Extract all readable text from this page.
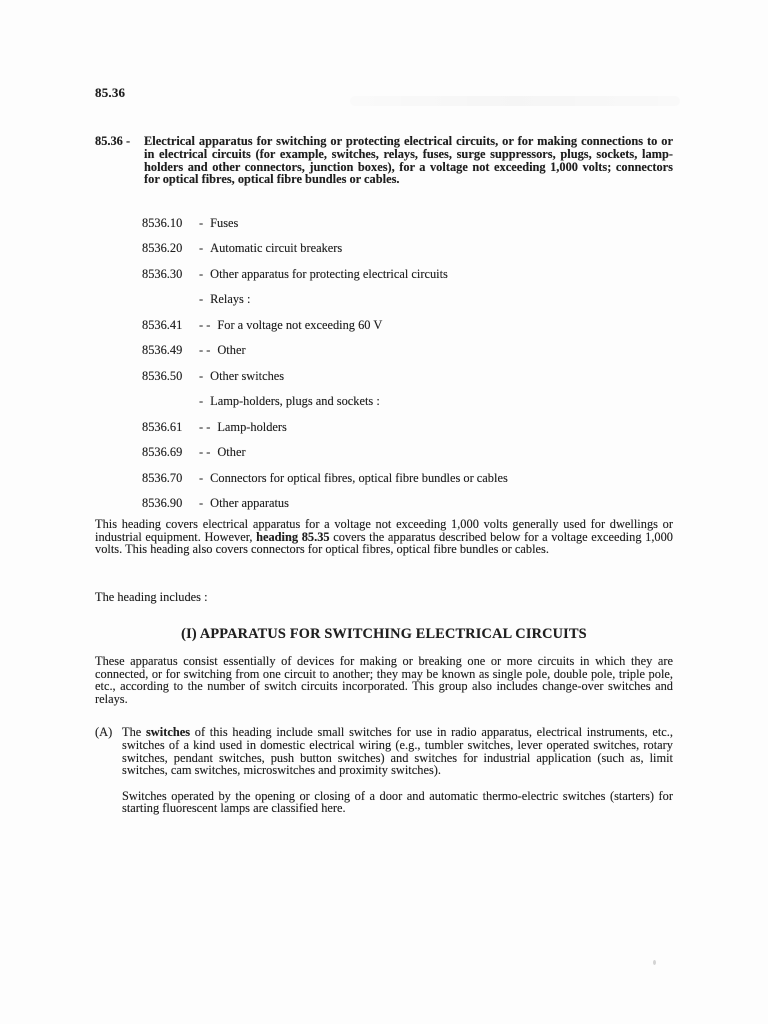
85.36
85.36 - Electrical apparatus for switching or protecting electrical circuits, or for making connections to or in electrical circuits (for example, switches, relays, fuses, surge suppressors, plugs, sockets, lamp-holders and other connectors, junction boxes), for a voltage not exceeding 1,000 volts; connectors for optical fibres, optical fibre bundles or cables.
8536.10	- Fuses
8536.20	- Automatic circuit breakers
8536.30	- Other apparatus for protecting electrical circuits
- Relays :
8536.41	- - For a voltage not exceeding 60 V
8536.49	- - Other
8536.50	- Other switches
- Lamp-holders, plugs and sockets :
8536.61	- - Lamp-holders
8536.69	- - Other
8536.70	- Connectors for optical fibres, optical fibre bundles or cables
8536.90	- Other apparatus

This heading covers electrical apparatus for a voltage not exceeding 1,000 volts generally used for dwellings or industrial equipment. However, heading 85.35 covers the apparatus described below for a voltage exceeding 1,000 volts. This heading also covers connectors for optical fibres, optical fibre bundles or cables.

The heading includes :

(I) APPARATUS FOR SWITCHING ELECTRICAL CIRCUITS

These apparatus consist essentially of devices for making or breaking one or more circuits in which they are connected, or for switching from one circuit to another; they may be known as single pole, double pole, triple pole, etc., according to the number of switch circuits incorporated. This group also includes change-over switches and relays.

(A) The switches of this heading include small switches for use in radio apparatus, electrical instruments, etc., switches of a kind used in domestic electrical wiring (e.g., tumbler switches, lever operated switches, rotary switches, pendant switches, push button switches) and switches for industrial application (such as, limit switches, cam switches, microswitches and proximity switches).

Switches operated by the opening or closing of a door and automatic thermo-electric switches (starters) for starting fluorescent lamps are classified here.
